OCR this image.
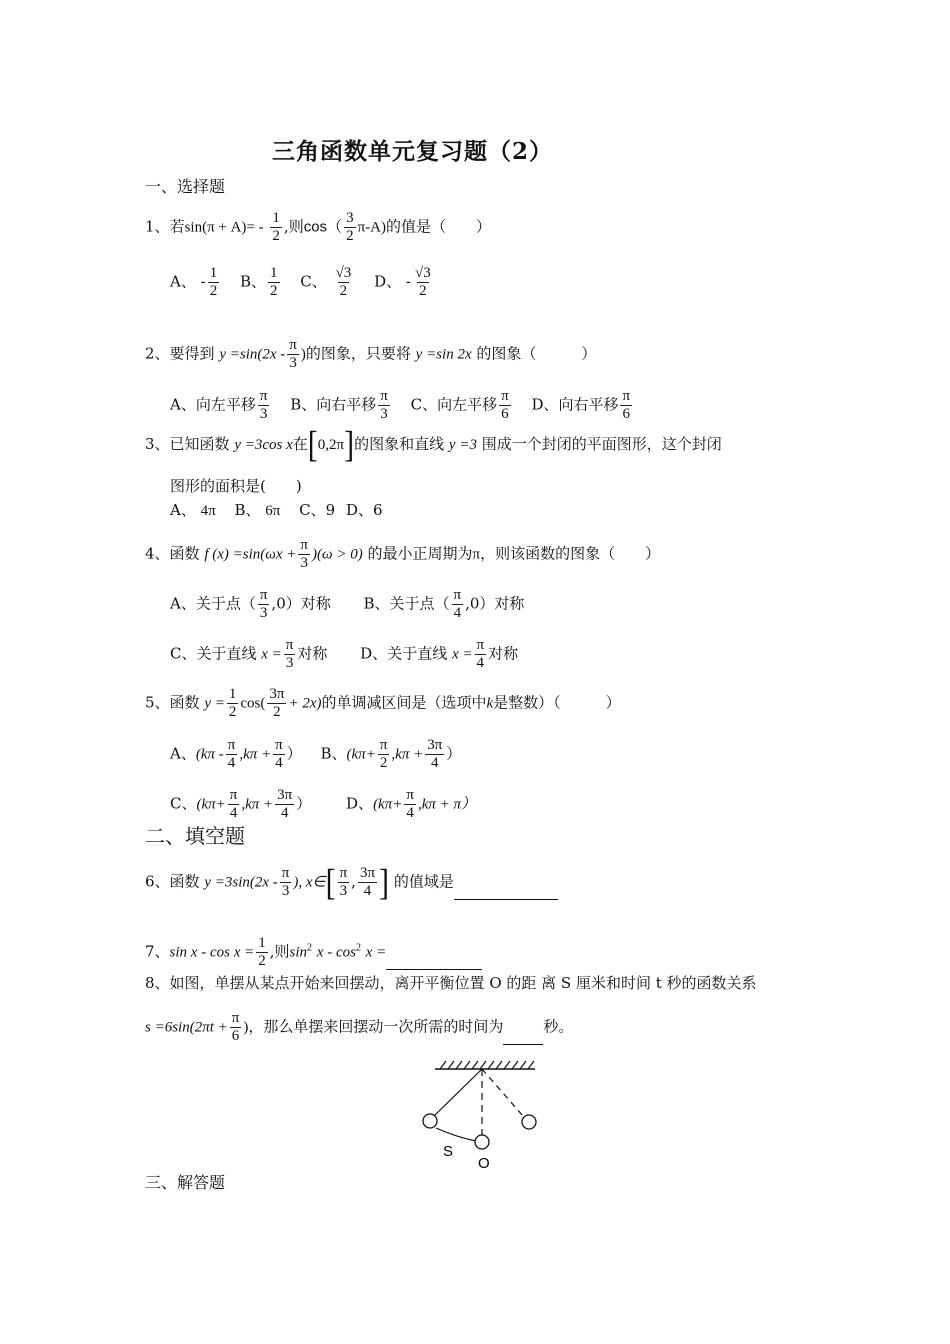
三角函数单元复习题（2）
一、选择题
1、若$\sin(\pi + A)= - \frac{1}{2}$ ,则$\cos( \frac{3}{2} \pi-A)$的值是（　　）
A、 - $\frac{1}{2}$ B、 $\frac{1}{2}$ C、 $\frac{√3}{2}$ D、 - $\frac{√3}{2}$
2、要得到 $y =\sin(2x - \frac{\pi}{3}$ )的图象，只要将 y =sin 2x 的图象（　　　）
A、向左平移 $\frac{\pi}{3}$ B、向右平移 $\frac{\pi}{3}$ C、向左平移 $\frac{\pi}{6}$ D、向右平移 $\frac{\pi}{6}$
3、已知函数 y =3cos x在[0,2π]的图象和直线 y =3 围成一个封闭的平面图形，这个封闭
图形的面积是(　　)
A、 4π B、 6π C、9 D、6
4、函数 f $(x) =\sin(\omega x + \frac{\pi}{3} )(\omega > 0)$ 的最小正周期为π，则该函数的图象（　　）
A、关于点（ $\frac{\pi}{3} ,0$）对称 B、关于点（ $\frac{\pi}{4} ,0$）对称
C、关于直线 $x = \frac{\pi}{3}$ 对称 D、关于直线 $x = \frac{\pi}{4}$ 对称
5、函数 $y = \frac{1}{2} \cos( \frac{3\pi}{2} + 2x)$的单调减区间是（选项中k是整数）（　　　）
A、($k\pi - \frac{\pi}{4} ,k\pi + \frac{\pi}{4}$ ） B、($k\pi+ \frac{\pi}{2} ,k\pi + \frac{3\pi}{4}$ ）
C、($k\pi+ \frac{\pi}{4} ,k\pi + \frac{3\pi}{4}$ ） D、$(k\pi+ \frac{\pi}{4} ,k\pi + \pi)$
二、填空题
6、函数 $y =3\sin(2x - \frac{\pi}{3}$ ), x∈[ $\frac{\pi}{3}$ , $\frac{3\pi}{4}$ ] 的值域是
7、$\sin x - \cos x = \frac{1}{2}$ ,则$\sin^2 x - \cos^2 x$ =
8、如图，单摆从某点开始来回摆动，离开平衡位置 O 的距 离 S 厘米和时间 t 秒的函数关系
$s =6\sin(2\pi t + \frac{\pi}{6}$ )，那么单摆来回摆动一次所需的时间为	秒。
S
O
三、解答题
